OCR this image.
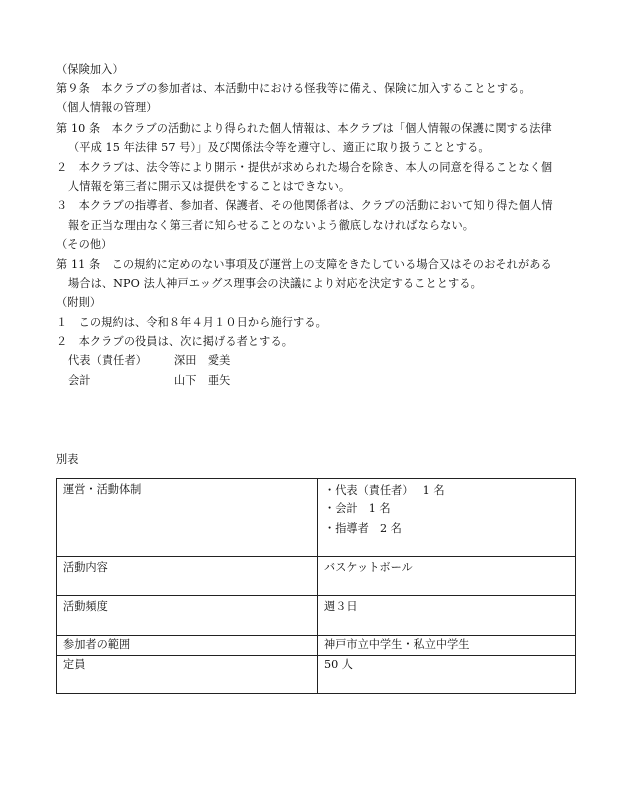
（保険加入）
第９条　本クラブの参加者は、本活動中における怪我等に備え、保険に加入することとする。
（個人情報の管理）
第 10 条　本クラブの活動により得られた個人情報は、本クラブは「個人情報の保護に関する法律
（平成 15 年法律 57 号）」及び関係法令等を遵守し、適正に取り扱うこととする。
２　本クラブは、法令等により開示・提供が求められた場合を除き、本人の同意を得ることなく個
人情報を第三者に開示又は提供をすることはできない。
３　本クラブの指導者、参加者、保護者、その他関係者は、クラブの活動において知り得た個人情
報を正当な理由なく第三者に知らせることのないよう徹底しなければならない。
（その他）
第 11 条　この規約に定めのない事項及び運営上の支障をきたしている場合又はそのおそれがある
場合は、NPO 法人神戸エッグス理事会の決議により対応を決定することとする。
（附則）
１　この規約は、令和８年４月１０日から施行する。
２　本クラブの役員は、次に掲げる者とする。
代表（責任者） 深田　愛美
会計	山下　亜矢
別表
運営・活動体制	・代表（責任者）　 1 名
・会計　1 名
・指導者　2 名

活動内容	バスケットボール
活動頻度	週３日
参加者の範囲	神戸市立中学生・私立中学生
定員	50 人
